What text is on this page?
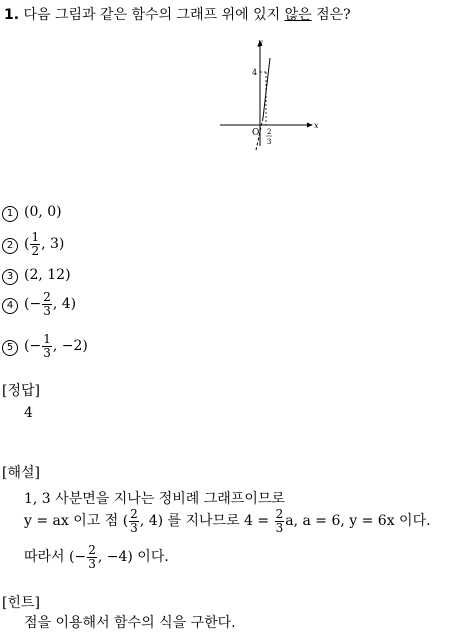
1. 다음 그림과 같은 함수의 그래프 위에 있지 않은 점은?
y
x
O
4
2
3
1 (0, 0)
2 ( $\frac{1}{2}$ , 3)
3 (2, 12)
4 (− $\frac{2}{3}$ , 4)
5 (− $\frac{1}{3}$ , −2)
[정답]
4
[해설]
1, 3 사분면을 지나는 정비례 그래프이므로
y = ax 이고 점 ( $\frac{2}{3}$ , 4) 를 지나므로 $4 = \frac{2}{3} a$, a = 6, y = 6x 이다.
따라서 (− $\frac{2}{3}$ , −4) 이다.
[힌트]
점을 이용해서 함수의 식을 구한다.
